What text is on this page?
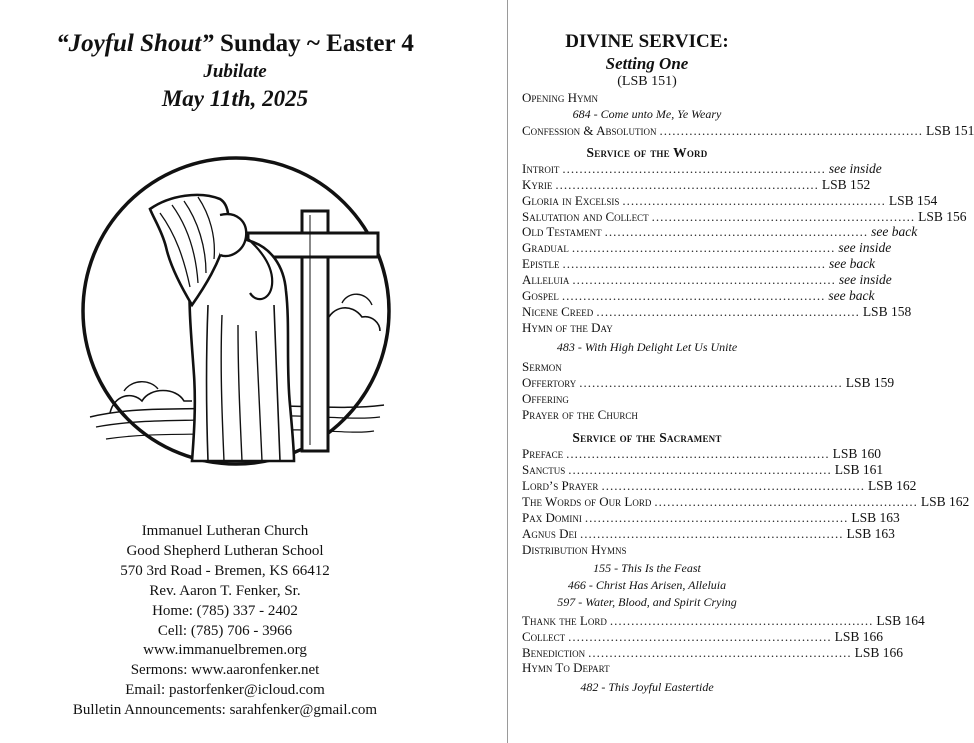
“Joyful Shout” Sunday ~ Easter 4
Jubilate
May 11th, 2025
Immanuel Lutheran Church
Good Shepherd Lutheran School
570 3rd Road - Bremen, KS 66412
Rev. Aaron T. Fenker, Sr.
Home: (785) 337 - 2402
Cell: (785) 706 - 3966
www.immanuelbremen.org
Sermons: www.aaronfenker.net
Email: pastorfenker@icloud.com
Bulletin Announcements: sarahfenker@gmail.com
DIVINE SERVICE:
Setting One
(LSB 151)
Opening Hymn
684 - Come unto Me, Ye Weary
Confession & Absolution .............................................................. LSB 151
Service of the Word
Introit .............................................................. see inside
Kyrie .............................................................. LSB 152
Gloria in Excelsis .............................................................. LSB 154
Salutation and Collect .............................................................. LSB 156
Old Testament .............................................................. see back
Gradual .............................................................. see inside
Epistle .............................................................. see back
Alleluia .............................................................. see inside
Gospel .............................................................. see back
Nicene Creed .............................................................. LSB 158
Hymn of the Day
483 - With High Delight Let Us Unite
Sermon
Offertory .............................................................. LSB 159
Offering
Prayer of the Church
Service of the Sacrament
Preface .............................................................. LSB 160
Sanctus .............................................................. LSB 161
Lord’s Prayer .............................................................. LSB 162
The Words of Our Lord .............................................................. LSB 162
Pax Domini .............................................................. LSB 163
Agnus Dei .............................................................. LSB 163
Distribution Hymns
155 - This Is the Feast
466 - Christ Has Arisen, Alleluia
597 - Water, Blood, and Spirit Crying
Thank the Lord .............................................................. LSB 164
Collect .............................................................. LSB 166
Benediction .............................................................. LSB 166
Hymn To Depart
482 - This Joyful Eastertide
